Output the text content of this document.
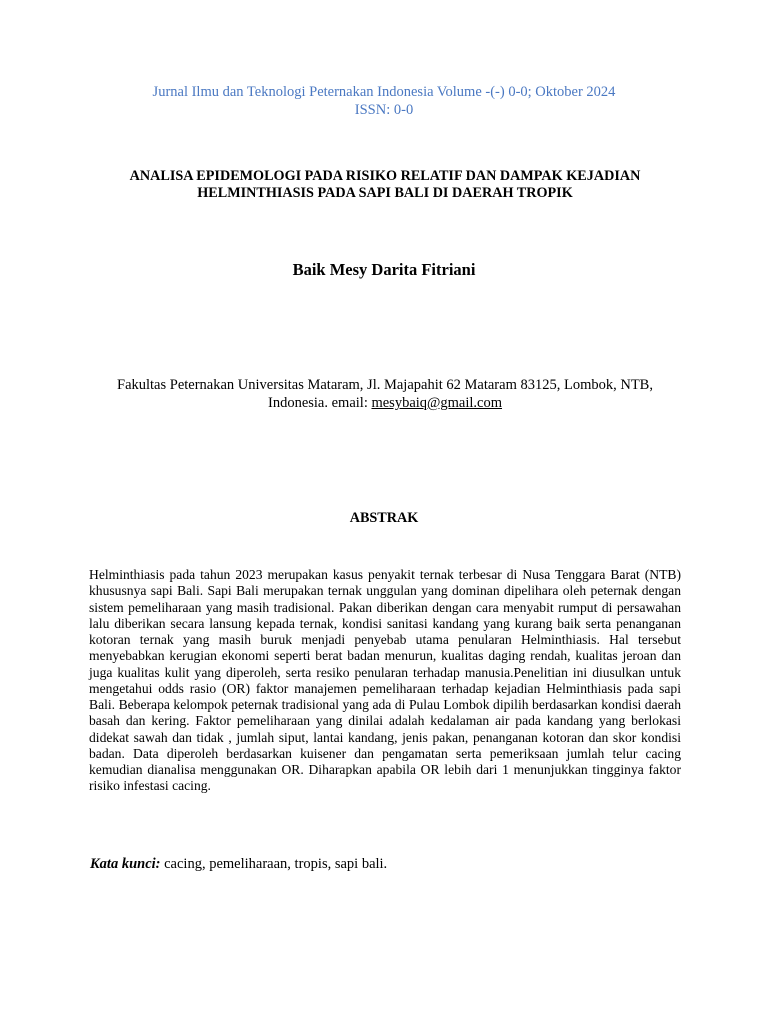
Jurnal Ilmu dan Teknologi Peternakan Indonesia Volume -(-) 0-0; Oktober 2024
ISSN: 0-0
ANALISA EPIDEMOLOGI PADA RISIKO RELATIF DAN DAMPAK KEJADIAN HELMINTHIASIS PADA SAPI BALI DI DAERAH TROPIK
Baik Mesy Darita Fitriani
Fakultas Peternakan Universitas Mataram, Jl. Majapahit 62 Mataram 83125, Lombok, NTB, Indonesia. email: mesybaiq@gmail.com
ABSTRAK
Helminthiasis pada tahun 2023 merupakan kasus penyakit ternak terbesar di Nusa Tenggara Barat (NTB) khususnya sapi Bali. Sapi Bali merupakan ternak unggulan yang dominan dipelihara oleh peternak dengan sistem pemeliharaan yang masih tradisional. Pakan diberikan dengan cara menyabit rumput di persawahan lalu diberikan secara lansung kepada ternak, kondisi sanitasi kandang yang kurang baik serta penanganan kotoran ternak yang masih buruk menjadi penyebab utama penularan Helminthiasis. Hal tersebut menyebabkan kerugian ekonomi seperti berat badan menurun, kualitas daging rendah, kualitas jeroan dan juga kualitas kulit yang diperoleh, serta resiko penularan terhadap manusia.Penelitian ini diusulkan untuk mengetahui odds rasio (OR) faktor manajemen pemeliharaan terhadap kejadian Helminthiasis pada sapi Bali. Beberapa kelompok peternak tradisional yang ada di Pulau Lombok dipilih berdasarkan kondisi daerah basah dan kering. Faktor pemeliharaan yang dinilai adalah kedalaman air pada kandang yang berlokasi didekat sawah dan tidak , jumlah siput, lantai kandang, jenis pakan, penanganan kotoran dan skor kondisi badan. Data diperoleh berdasarkan kuisener dan pengamatan serta pemeriksaan jumlah telur cacing kemudian dianalisa menggunakan OR. Diharapkan apabila OR lebih dari 1 menunjukkan tingginya faktor risiko infestasi cacing.
Kata kunci: cacing, pemeliharaan, tropis, sapi bali.
